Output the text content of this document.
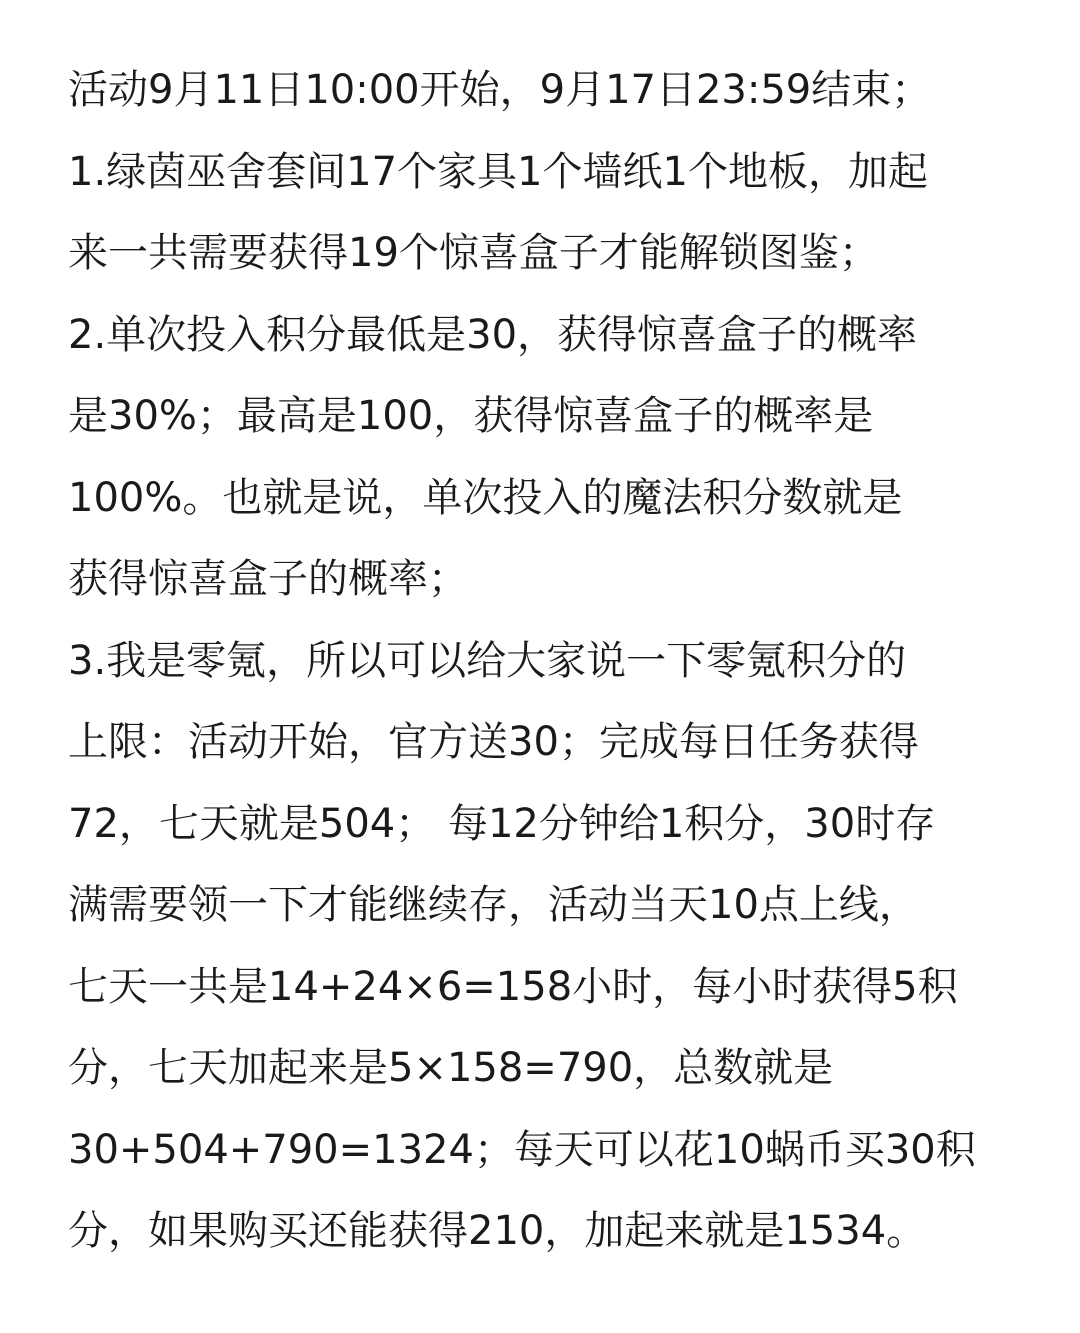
活动9月11日10:00开始，9月17日23:59结束；
1.绿茵巫舍套间17个家具1个墙纸1个地板，加起
来一共需要获得19个惊喜盒子才能解锁图鉴；
2.单次投入积分最低是30，获得惊喜盒子的概率
是30%；最高是100，获得惊喜盒子的概率是
100%。也就是说，单次投入的魔法积分数就是
获得惊喜盒子的概率；
3.我是零氪，所以可以给大家说一下零氪积分的
上限：活动开始，官方送30；完成每日任务获得
72，七天就是504； 每12分钟给1积分，30时存
满需要领一下才能继续存，活动当天10点上线，
七天一共是14+24×6=158小时，每小时获得5积
分，七天加起来是5×158=790，总数就是
30+504+790=1324；每天可以花10蜗币买30积
分，如果购买还能获得210，加起来就是1534。
